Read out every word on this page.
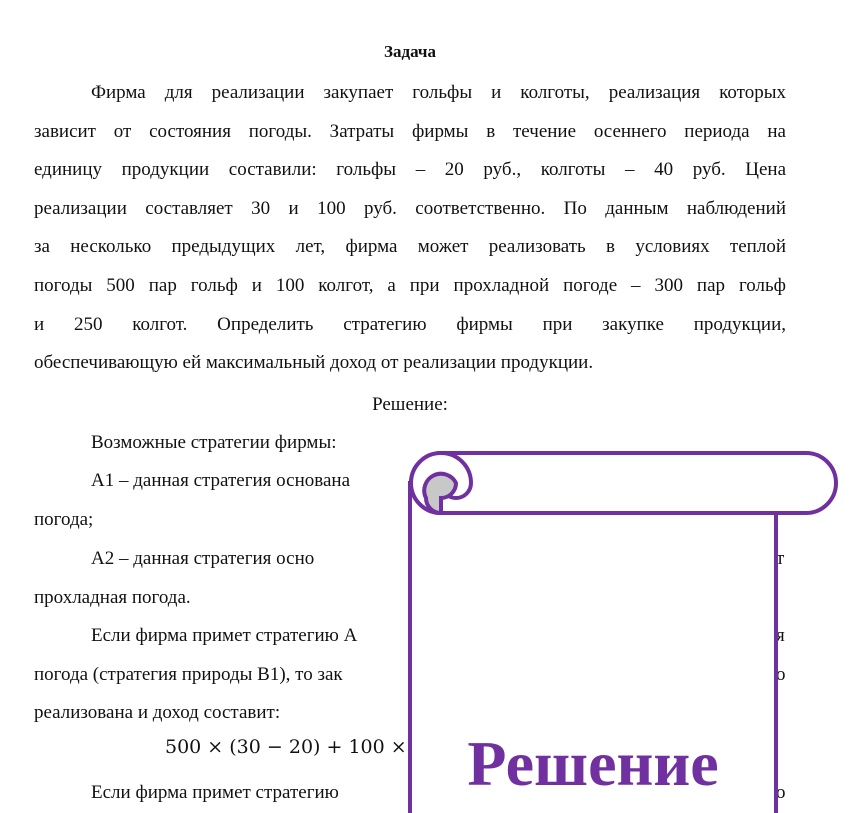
Задача
Фирма для реализации закупает гольфы и колготы, реализация которых
зависит от состояния погоды. Затраты фирмы в течение осеннего периода на
единицу продукции составили: гольфы – 20 руб., колготы – 40 руб. Цена
реализации составляет 30 и 100 руб. соответственно. По данным наблюдений
за несколько предыдущих лет, фирма может реализовать в условиях теплой
погоды 500 пар гольф и 100 колгот, а при прохладной погоде – 300 пар гольф
и 250 колгот. Определить стратегию фирмы при закупке продукции,
обеспечивающую ей максимальный доход от реализации продукции.
Решение:
Возможные стратегии фирмы:
А1 – данная стратегия основана
погода;
А2 – данная стратегия осно
прохладная погода.
т
Если фирма примет стратегию А
погода (стратегия природы В1), то зак
реализована и доход составит:
я
о
500 × (30 − 20) + 100 ×
Если фирма примет стратегию	о
Решение
